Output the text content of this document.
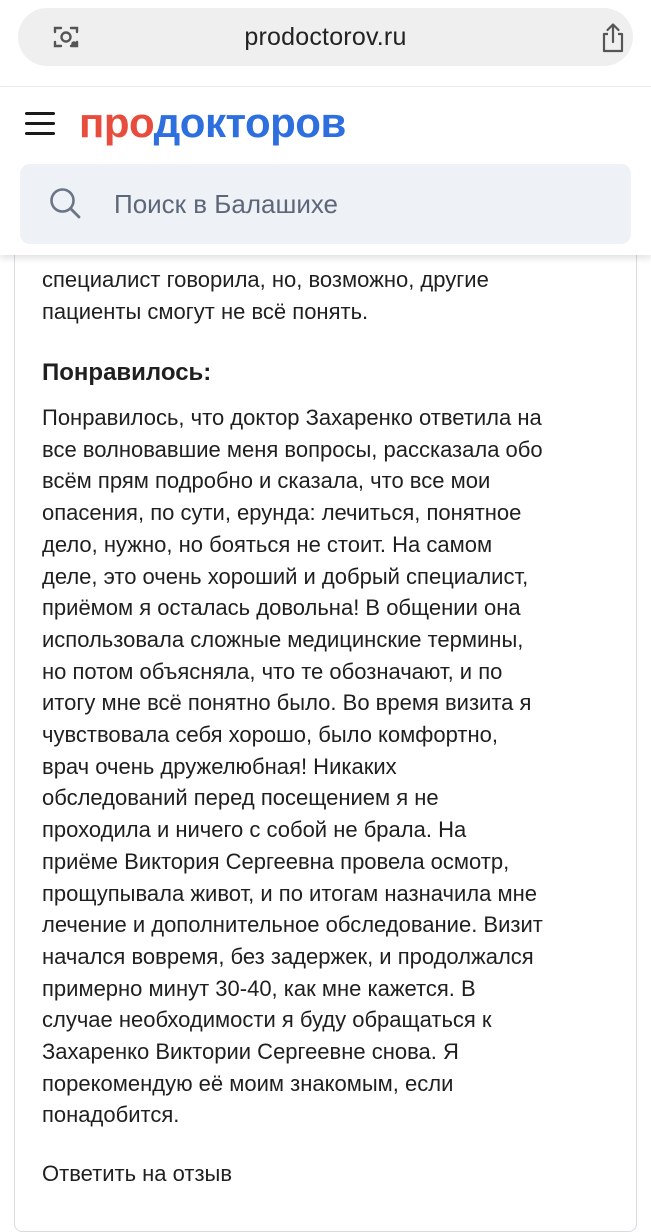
prodoctorov.ru
продокторов
Поиск в Балашихе

специалист говорила, но, возможно, другие

пациенты смогут не всё понять.

Понравилось:

Понравилось, что доктор Захаренко ответила на

все волновавшие меня вопросы, рассказала обо

всём прям подробно и сказала, что все мои

опасения, по сути, ерунда: лечиться, понятное

дело, нужно, но бояться не стоит. На самом

деле, это очень хороший и добрый специалист,

приёмом я осталась довольна! В общении она

использовала сложные медицинские термины,

но потом объясняла, что те обозначают, и по

итогу мне всё понятно было. Во время визита я

чувствовала себя хорошо, было комфортно,

врач очень дружелюбная! Никаких

обследований перед посещением я не

проходила и ничего с собой не брала. На

приёме Виктория Сергеевна провела осмотр,

прощупывала живот, и по итогам назначила мне

лечение и дополнительное обследование. Визит

начался вовремя, без задержек, и продолжался

примерно минут 30-40, как мне кажется. В

случае необходимости я буду обращаться к

Захаренко Виктории Сергеевне снова. Я

порекомендую её моим знакомым, если

понадобится.

Ответить на отзыв
